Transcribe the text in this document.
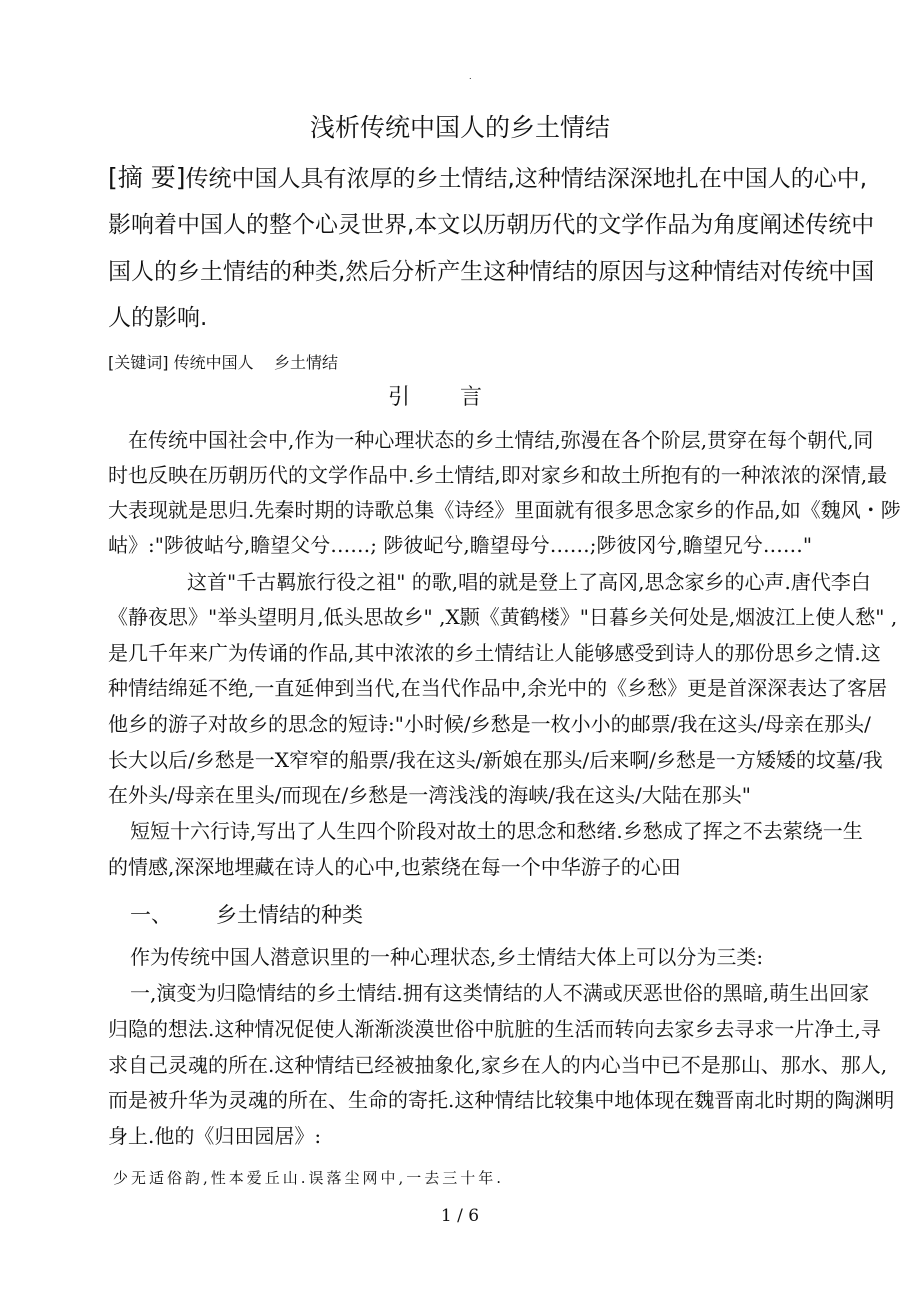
.
浅析传统中国人的乡土情结
[摘 要]传统中国人具有浓厚的乡土情结,这种情结深深地扎在中国人的心中,
影响着中国人的整个心灵世界,本文以历朝历代的文学作品为角度阐述传统中
国人的乡土情结的种类,然后分析产生这种情结的原因与这种情结对传统中国
人的影响.
[关键词] 传统中国人    乡土情结
引言
在传统中国社会中,作为一种心理状态的乡土情结,弥漫在各个阶层,贯穿在每个朝代,同
时也反映在历朝历代的文学作品中.乡土情结,即对家乡和故土所抱有的一种浓浓的深情,最
大表现就是思归.先秦时期的诗歌总集《诗经》里面就有很多思念家乡的作品,如《魏风・陟
岵》:"陟彼岵兮,瞻望父兮……; 陟彼屺兮,瞻望母兮……;陟彼冈兮,瞻望兄兮……"
这首"千古羁旅行役之祖" 的歌,唱的就是登上了高冈,思念家乡的心声.唐代李白
《静夜思》"举头望明月,低头思故乡" ,X颢《黄鹤楼》"日暮乡关何处是,烟波江上使人愁" ,
是几千年来广为传诵的作品,其中浓浓的乡土情结让人能够感受到诗人的那份思乡之情.这
种情结绵延不绝,一直延伸到当代,在当代作品中,余光中的《乡愁》更是首深深表达了客居
他乡的游子对故乡的思念的短诗:"小时候/乡愁是一枚小小的邮票/我在这头/母亲在那头/
长大以后/乡愁是一X窄窄的船票/我在这头/新娘在那头/后来啊/乡愁是一方矮矮的坟墓/我
在外头/母亲在里头/而现在/乡愁是一湾浅浅的海峡/我在这头/大陆在那头"
短短十六行诗,写出了人生四个阶段对故土的思念和愁绪.乡愁成了挥之不去萦绕一生
的情感,深深地埋藏在诗人的心中,也萦绕在每一个中华游子的心田
一、 乡土情结的种类
作为传统中国人潜意识里的一种心理状态,乡土情结大体上可以分为三类:
一,演变为归隐情结的乡土情结.拥有这类情结的人不满或厌恶世俗的黑暗,萌生出回家
归隐的想法.这种情况促使人渐渐淡漠世俗中肮脏的生活而转向去家乡去寻求一片净土,寻
求自己灵魂的所在.这种情结已经被抽象化,家乡在人的内心当中已不是那山、那水、那人,
而是被升华为灵魂的所在、生命的寄托.这种情结比较集中地体现在魏晋南北时期的陶渊明
身上.他的《归田园居》:
少无适俗韵,性本爱丘山.误落尘网中,一去三十年.
1 / 6
